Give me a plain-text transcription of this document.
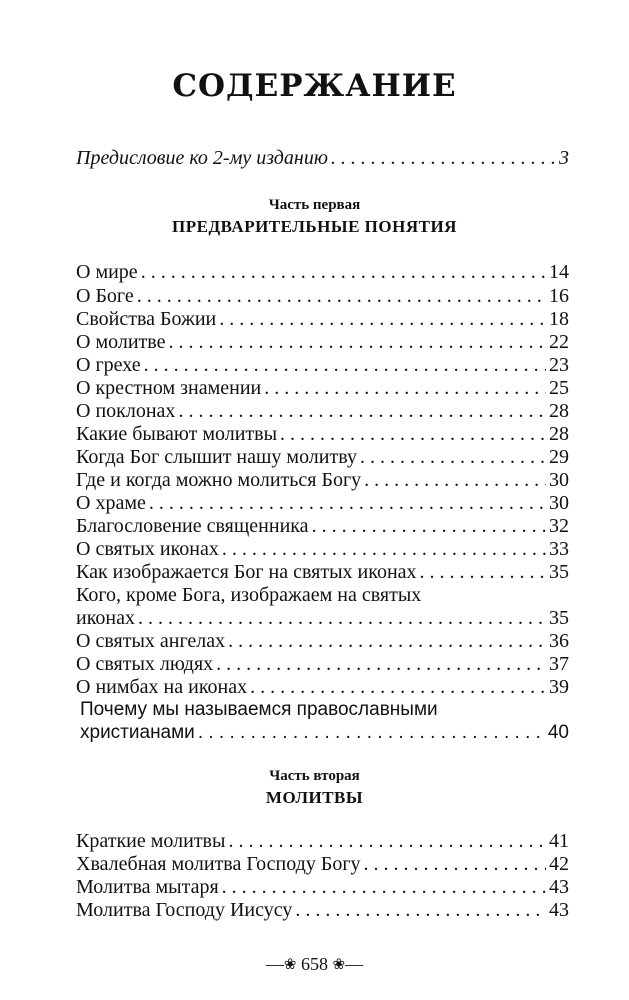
СОДЕРЖАНИЕ
Предисловие ко 2-му изданию . . .	3
Часть первая
ПРЕДВАРИТЕЛЬНЫЕ ПОНЯТИЯ
О мире . . .	14
О Боге . . .	16
Свойства Божии . . .	18
О молитве . . .	22
О грехе . . .	23
О крестном знамении . . .	25
О поклонах . . .	28
Какие бывают молитвы . . .	28
Когда Бог слышит нашу молитву . . .	29
Где и когда можно молиться Богу . . .	30
О храме . . .	30
Благословение священника . . .	32
О святых иконах . . .	33
Как изображается Бог на святых иконах . . .	35
Кого, кроме Бога, изображаем на святых
иконах . . .	35
О святых ангелах . . .	36
О святых людях . . .	37
О нимбах на иконах . . .	39
Почему мы называемся православными
христианами . . .	40
Часть вторая
МОЛИТВЫ
Краткие молитвы . . .	41
Хвалебная молитва Господу Богу . . .	42
Молитва мытаря . . .	43
Молитва Господу Иисусу . . .	43
—❀ 658 ❀—
